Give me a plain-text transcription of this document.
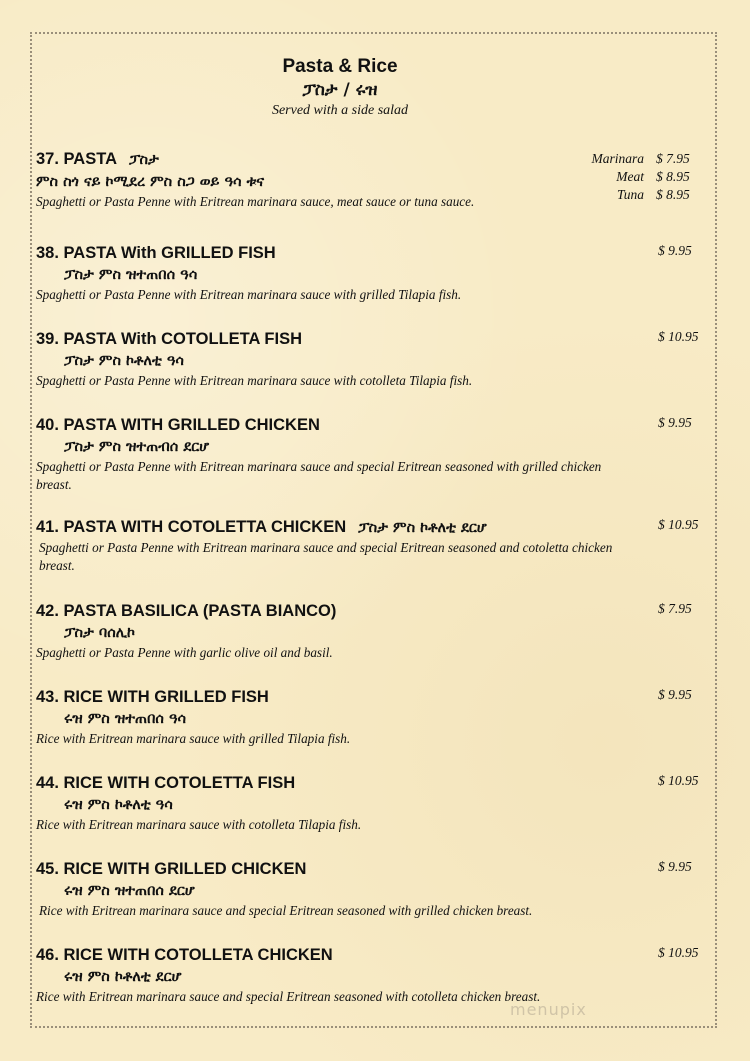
Pasta & Rice
ፓስታ / ሩዝ
Served with a side salad
37. PASTA ፓስታ
ምስ ስጎ ናይ ኮሚደረ ምስ ስጋ ወይ ዓሳ ቱና
Spaghetti or Pasta Penne with Eritrean marinara sauce, meat sauce or tuna sauce.
Marinara $ 7.95
Meat $ 8.95
Tuna $ 8.95
38. PASTA With GRILLED FISH
ፓስታ ምስ ዝተጠበሰ ዓሳ
Spaghetti or Pasta Penne with Eritrean marinara sauce with grilled Tilapia fish.
$ 9.95
39. PASTA With COTOLLETA FISH
ፓስታ ምስ ኮቶለቲ ዓሳ
Spaghetti or Pasta Penne with Eritrean marinara sauce with cotolleta Tilapia fish.
$ 10.95
40. PASTA WITH GRILLED CHICKEN
ፓስታ ምስ ዝተጠብሰ ደርሆ
Spaghetti or Pasta Penne with Eritrean marinara sauce and special Eritrean seasoned with grilled chicken breast.
$ 9.95
41. PASTA WITH COTOLETTA CHICKEN ፓስታ ምስ ኮቶለቲ ደርሆ
Spaghetti or Pasta Penne with Eritrean marinara sauce and special Eritrean seasoned and cotoletta chicken breast.
$ 10.95
42. PASTA BASILICA (PASTA BIANCO)
ፓስታ ባሰሊኮ
Spaghetti or Pasta Penne with garlic olive oil and basil.
$ 7.95
43. RICE WITH GRILLED FISH
ሩዝ ምስ ዝተጠበሰ ዓሳ
Rice with Eritrean marinara sauce with grilled Tilapia fish.
$ 9.95
44. RICE WITH COTOLETTA FISH
ሩዝ ምስ ኮቶለቲ ዓሳ
Rice with Eritrean marinara sauce with cotolleta Tilapia fish.
$ 10.95
45. RICE WITH GRILLED CHICKEN
ሩዝ ምስ ዝተጠበሰ ደርሆ
Rice with Eritrean marinara sauce and special Eritrean seasoned with grilled chicken breast.
$ 9.95
46. RICE WITH COTOLLETA CHICKEN
ሩዝ ምስ ኮቶለቲ ደርሆ
Rice with Eritrean marinara sauce and special Eritrean seasoned with cotolleta chicken breast.
$ 10.95
menupix
